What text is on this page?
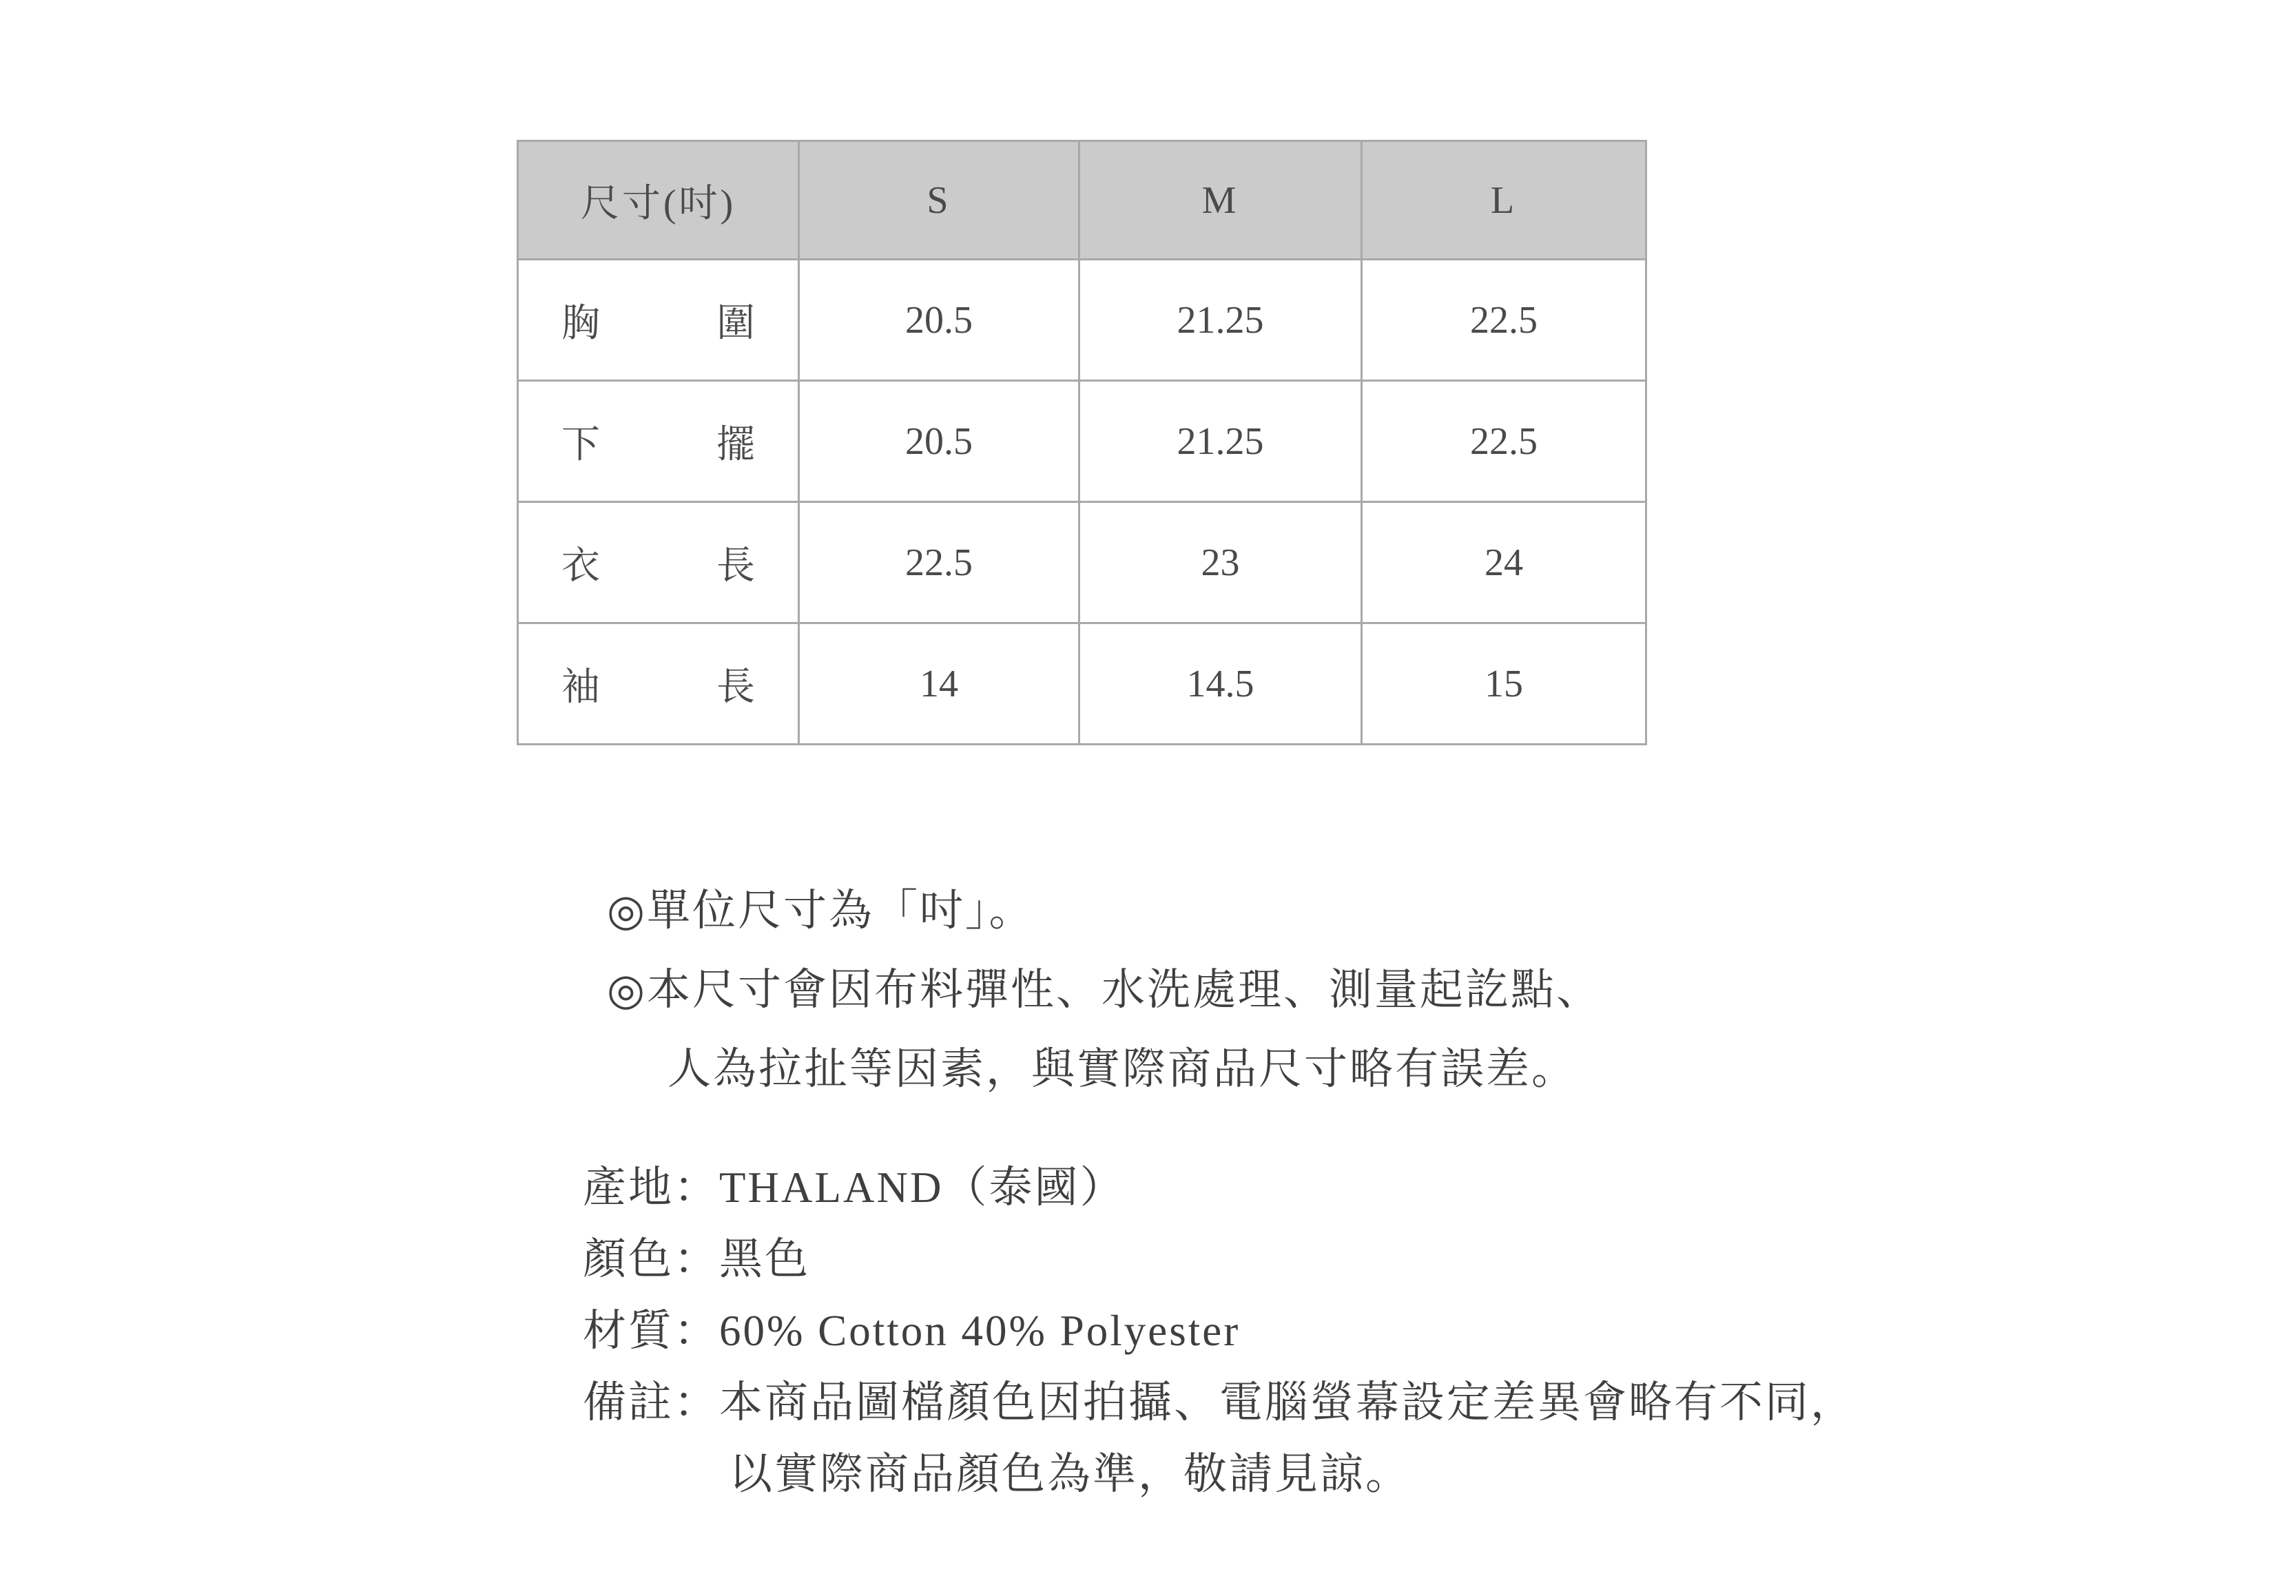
尺寸(吋)	S	M	L

胸 圍	20.5	21.25	22.5

下 擺	20.5	21.25	22.5

衣 長	22.5	23	24

袖 長	14	14.5	15
◎單位尺寸為「吋」。
◎本尺寸會因布料彈性、水洗處理、測量起訖點、
人為拉扯等因素，與實際商品尺寸略有誤差。
產地：THALAND（泰國）
顏色：黑色
材質：60% Cotton 40% Polyester
備註：本商品圖檔顏色因拍攝、電腦螢幕設定差異會略有不同，
以實際商品顏色為準，敬請見諒。
